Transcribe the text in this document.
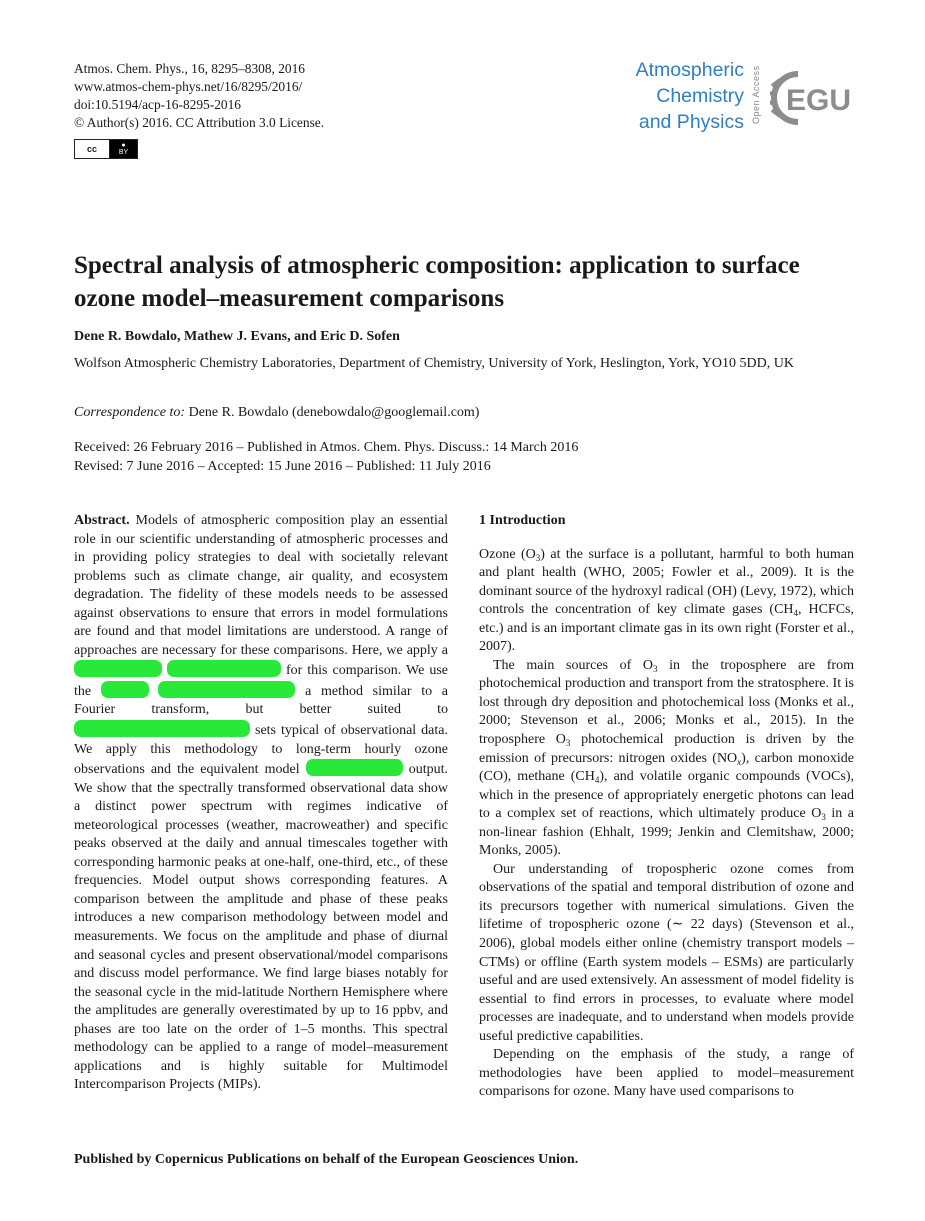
Atmos. Chem. Phys., 16, 8295–8308, 2016
www.atmos-chem-phys.net/16/8295/2016/
doi:10.5194/acp-16-8295-2016
© Author(s) 2016. CC Attribution 3.0 License.
cc	●
BY
Atmospheric
Chemistry
and Physics Open Access EGU
Spectral analysis of atmospheric composition: application to surface ozone model–measurement comparisons
Dene R. Bowdalo, Mathew J. Evans, and Eric D. Sofen
Wolfson Atmospheric Chemistry Laboratories, Department of Chemistry, University of York, Heslington, York, YO10 5DD, UK
Correspondence to: Dene R. Bowdalo (denebowdalo@googlemail.com)
Received: 26 February 2016 – Published in Atmos. Chem. Phys. Discuss.: 14 March 2016
Revised: 7 June 2016 – Accepted: 15 June 2016 – Published: 11 July 2016

Abstract. Models of atmospheric composition play an essential role in our scientific understanding of atmospheric processes and in providing policy strategies to deal with societally relevant problems such as climate change, air quality, and ecosystem degradation. The fidelity of these models needs to be assessed against observations to ensure that errors in model formulations are found and that model limitations are understood. A range of approaches are necessary for these comparisons. Here, we apply a   for this comparison. We use the	a method similar to a Fourier transform, but better suited to  sets typical of observational data. We apply this methodology to long-term hourly ozone observations and the equivalent model	output. We show that the spectrally transformed observational data show a distinct power spectrum with regimes indicative of meteorological processes (weather, macroweather) and specific peaks observed at the daily and annual timescales together with corresponding harmonic peaks at one-half, one-third, etc., of these frequencies. Model output shows corresponding features. A comparison between the amplitude and phase of these peaks introduces a new comparison methodology between model and measurements. We focus on the amplitude and phase of diurnal and seasonal cycles and present observational/model comparisons and discuss model performance. We find large biases notably for the seasonal cycle in the mid-latitude Northern Hemisphere where the amplitudes are generally overestimated by up to 16 ppbv, and phases are too late on the order of 1–5 months. This spectral methodology can be applied to a range of model–measurement applications and is highly suitable for Multimodel Intercomparison Projects (MIPs).

1 Introduction

Ozone $(O_3)$ at the surface is a pollutant, harmful to both human and plant health (WHO, 2005; Fowler et al., 2009). It is the dominant source of the hydroxyl radical (OH) (Levy, 1972), which controls the concentration of key climate gases ($CH_4$, HCFCs, etc.) and is an important climate gas in its own right (Forster et al., 2007).

The main sources of $O_3$ in the troposphere are from photochemical production and transport from the stratosphere. It is lost through dry deposition and photochemical loss (Monks et al., 2000; Stevenson et al., 2006; Monks et al., 2015). In the troposphere $O_3$ photochemical production is driven by the emission of precursors: nitrogen oxides $(NO_x)$, carbon monoxide (CO), methane $(CH_4)$, and volatile organic compounds (VOCs), which in the presence of appropriately energetic photons can lead to a complex set of reactions, which ultimately produce $O_3$ in a non-linear fashion (Ehhalt, 1999; Jenkin and Clemitshaw, 2000; Monks, 2005).

Our understanding of tropospheric ozone comes from observations of the spatial and temporal distribution of ozone and its precursors together with numerical simulations. Given the lifetime of tropospheric ozone (∼ 22 days) (Stevenson et al., 2006), global models either online (chemistry transport models – CTMs) or offline (Earth system models – ESMs) are particularly useful and are used extensively. An assessment of model fidelity is essential to find errors in processes, to evaluate where model processes are inadequate, and to understand when models provide useful predictive capabilities.

Depending on the emphasis of the study, a range of methodologies have been applied to model–measurement comparisons for ozone. Many have used comparisons to

Published by Copernicus Publications on behalf of the European Geosciences Union.
